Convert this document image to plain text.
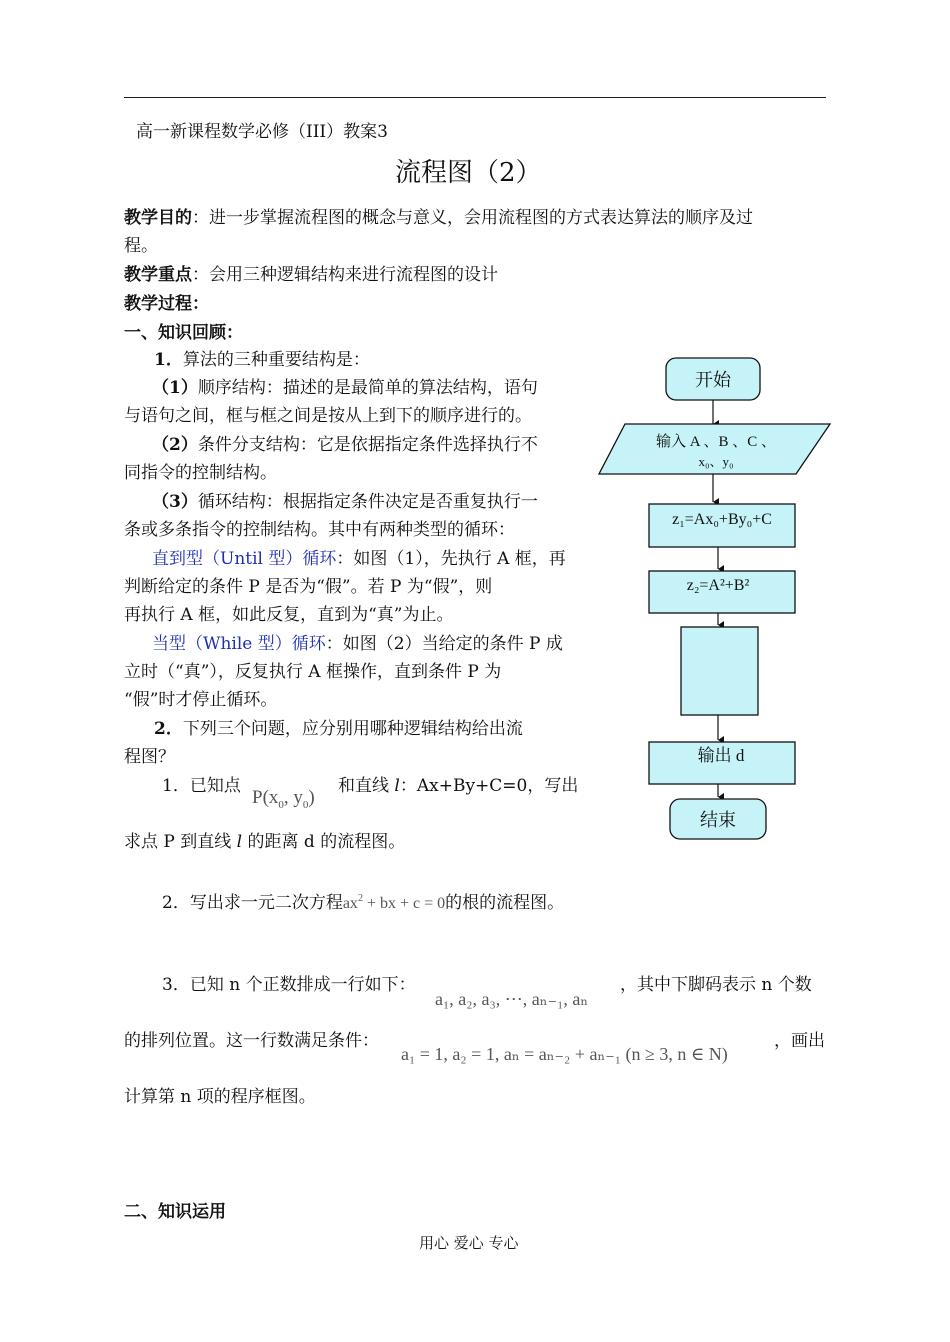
高一新课程数学必修（III）教案3
流程图（2）
教学目的：进一步掌握流程图的概念与意义，会用流程图的方式表达算法的顺序及过
程。
教学重点：会用三种逻辑结构来进行流程图的设计
教学过程：
一、知识回顾：
1．算法的三种重要结构是：
（1）顺序结构：描述的是最简单的算法结构，语句
与语句之间，框与框之间是按从上到下的顺序进行的。
（2）条件分支结构：它是依据指定条件选择执行不
同指令的控制结构。
（3）循环结构：根据指定条件决定是否重复执行一
条或多条指令的控制结构。其中有两种类型的循环：
直到型（Until 型）循环：如图（1），先执行 A 框，再
判断给定的条件 P 是否为“假”。若 P 为“假”，则
再执行 A 框，如此反复，直到为“真”为止。
当型（While 型）循环：如图（2）当给定的条件 P 成
立时（“真”），反复执行 A 框操作，直到条件 P 为
“假”时才停止循环。
2．下列三个问题，应分别用哪种逻辑结构给出流
程图？
1．已知点
$P(x_0$, $y_0$)
和直线 l：Ax+By+C=0，写出
求点 P 到直线 l 的距离 d 的流程图。
2．写出求一元二次方程$ax^2$ + bx + c = 0的根的流程图。
3．已知 n 个正数排成一行如下：
a₁, a₂, a₃, ⋯, aₙ₋₁, aₙ
，其中下脚码表示 n 个数
的排列位置。这一行数满足条件：
a₁ = 1, a₂ = 1, aₙ = aₙ₋₂ + aₙ₋₁ (n ≥ 3, n ∈ N)
，画出
计算第 n 项的程序框图。
二、知识运用
用心 爱心 专心
开始
输入 A 、B 、C 、
x₀、y₀
z₁=Ax₀+By₀+C
z₂=A²+B²
输出 d
结束
